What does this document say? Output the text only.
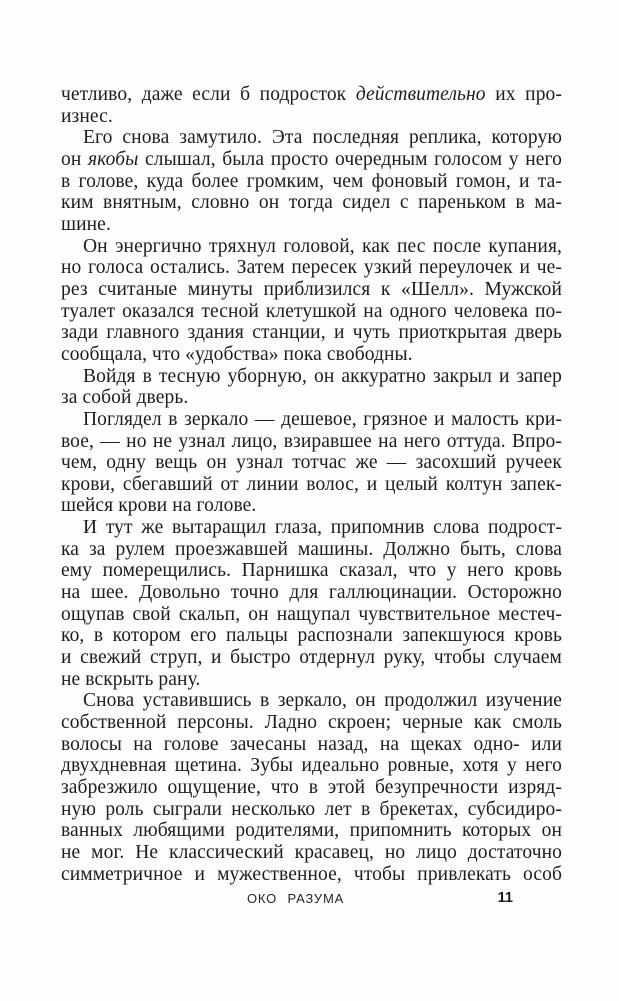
четливо, даже если б подросток действительно их про-
изнес.
Его снова замутило. Эта последняя реплика, которую
он якобы слышал, была просто очередным голосом у него
в голове, куда более громким, чем фоновый гомон, и та-
ким внятным, словно он тогда сидел с пареньком в ма-
шине.
Он энергично тряхнул головой, как пес после купания,
но голоса остались. Затем пересек узкий переулочек и че-
рез считаные минуты приблизился к «Шелл». Мужской
туалет оказался тесной клетушкой на одного человека по-
зади главного здания станции, и чуть приоткрытая дверь
сообщала, что «удобства» пока свободны.
Войдя в тесную уборную, он аккуратно закрыл и запер
за собой дверь.
Поглядел в зеркало — дешевое, грязное и малость кри-
вое, — но не узнал лицо, взиравшее на него оттуда. Впро-
чем, одну вещь он узнал тотчас же — засохший ручеек
крови, сбегавший от линии волос, и целый колтун запек-
шейся крови на голове.
И тут же вытаращил глаза, припомнив слова подрост-
ка за рулем проезжавшей машины. Должно быть, слова
ему померещились. Парнишка сказал, что у него кровь
на шее. Довольно точно для галлюцинации. Осторожно
ощупав свой скальп, он нащупал чувствительное местеч-
ко, в котором его пальцы распознали запекшуюся кровь
и свежий струп, и быстро отдернул руку, чтобы случаем
не вскрыть рану.
Снова уставившись в зеркало, он продолжил изучение
собственной персоны. Ладно скроен; черные как смоль
волосы на голове зачесаны назад, на щеках одно- или
двухдневная щетина. Зубы идеально ровные, хотя у него
забрезжило ощущение, что в этой безупречности изряд-
ную роль сыграли несколько лет в брекетах, субсидиро-
ванных любящими родителями, припомнить которых он
не мог. Не классический красавец, но лицо достаточно
симметричное и мужественное, чтобы привлекать особ
ОКО РАЗУМА	11
